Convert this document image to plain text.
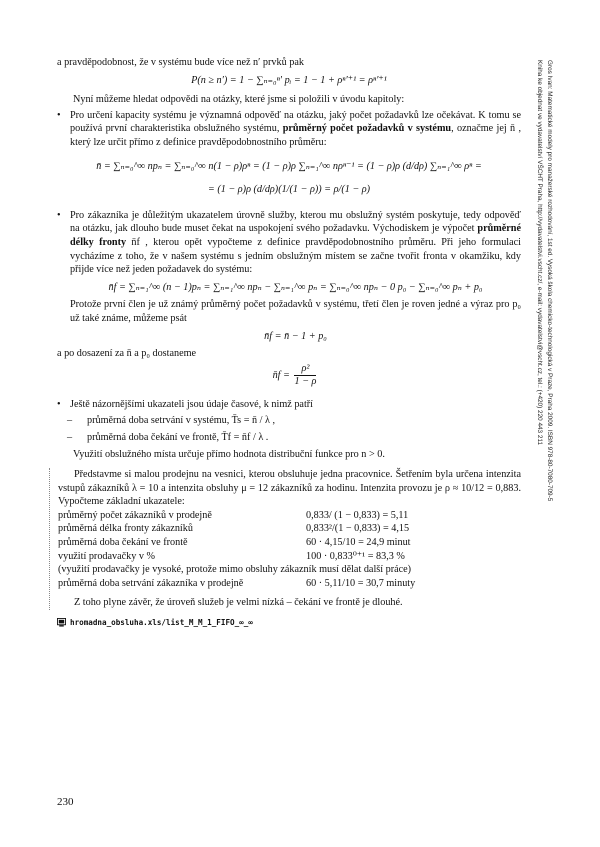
a pravděpodobnost, že v systému bude více než n′ prvků pak

P(n ≥ n′) = 1 − ∑ₙ₌₀ⁿ′ pᵢ = 1 − 1 + ρⁿ′⁺¹ = ρⁿ′⁺¹

Nyní můžeme hledat odpovědi na otázky, které jsme si položili v úvodu kapitoly:

• Pro určení kapacity systému je významná odpověď na otázku, jaký počet požadavků lze očekávat. K tomu se používá první charakteristika obslužného systému, průměrný počet požadavků v systému, označme jej n̄ , který lze určit přímo z definice pravděpodobnostního průměru:

n̄ = ∑ₙ₌₀^∞ npₙ = ∑ₙ₌₀^∞ n(1 − ρ)ρⁿ = (1 − ρ)ρ ∑ₙ₌₁^∞ nρⁿ⁻¹ = (1 − ρ)ρ (d/dρ) ∑ₙ₌₁^∞ ρⁿ =

= (1 − ρ)ρ (d/dρ)(1/(1 − ρ)) = ρ/(1 − ρ)

• Pro zákazníka je důležitým ukazatelem úrovně služby, kterou mu obslužný systém poskytuje, tedy odpověď na otázku, jak dlouho bude muset čekat na uspokojení svého požadavku. Východiskem je výpočet průměrné délky fronty n̄f , kterou opět vypočteme z definice pravděpodobnostního průměru. Při jeho formulaci vycházíme z toho, že v našem systému s jedním obslužným místem se začne tvořit fronta v okamžiku, kdy přijde více než jeden požadavek do systému:

n̄f = ∑ₙ₌₁^∞ (n − 1)pₙ = ∑ₙ₌₁^∞ npₙ − ∑ₙ₌₁^∞ pₙ = ∑ₙ₌₀^∞ npₙ − 0 p₀ − ∑ₙ₌₀^∞ pₙ + p₀

Protože první člen je už známý průměrný počet požadavků v systému, třetí člen je roven jedné a výraz pro p₀ už také známe, můžeme psát

n̄f = n̄ − 1 + p₀

a po dosazení za n̄ a p₀ dostaneme

n̄f = $\frac{\text{ρ²}}{1 - \rho}$

• Ještě názornějšími ukazateli jsou údaje časové, k nimž patří
– průměrná doba setrvání v systému, T̄s = n̄ / λ ,
– průměrná doba čekání ve frontě, T̄f = n̄f / λ .

Využití obslužného místa určuje přímo hodnota distribuční funkce pro n > 0.

Představme si malou prodejnu na vesnici, kterou obsluhuje jedna pracovnice. Šetřením byla určena intenzita vstupů zákazníků λ = 10 a intenzita obsluhy μ = 12 zákazníků za hodinu. Intenzita provozu je ρ ≈ 10/12 = 0,883. Vypočteme základní ukazatele:

průměrný počet zákazníků v prodejně	0,833/ (1 − 0,833) = 5,11
průměrná délka fronty zákazníků	0,833²/(1 − 0,833) = 4,15
průměrná doba čekání ve frontě	60 · 4,15/10 = 24,9 minut
využití prodavačky v %	100 · 0,833⁰⁺¹ = 83,3 %

(využití prodavačky je vysoké, protože mimo obsluhy zákazník musí dělat další práce)

průměrná doba setrvání zákazníka v prodejně	60 · 5,11/10 = 30,7 minuty

Z toho plyne závěr, že úroveň služeb je velmi nízká – čekání ve frontě je dlouhé.

hromadna_obsluha.xls/list_M_M_1_FIFO_∞_∞
230
Gros Ivan: Matematické modely pro manažerské rozhodování, 1st ed. Vysoká škola chemicko-technologická v Praze, Praha 2009. ISBN 978-80-7080-709-5
Kniha ke objednat ve vydavatelství VŠCHT Praha, http://vydavatelstvi.vscht.cz/, e-mail: vydavatelstvi@vscht.cz, tel.: (+420) 220 443 211
